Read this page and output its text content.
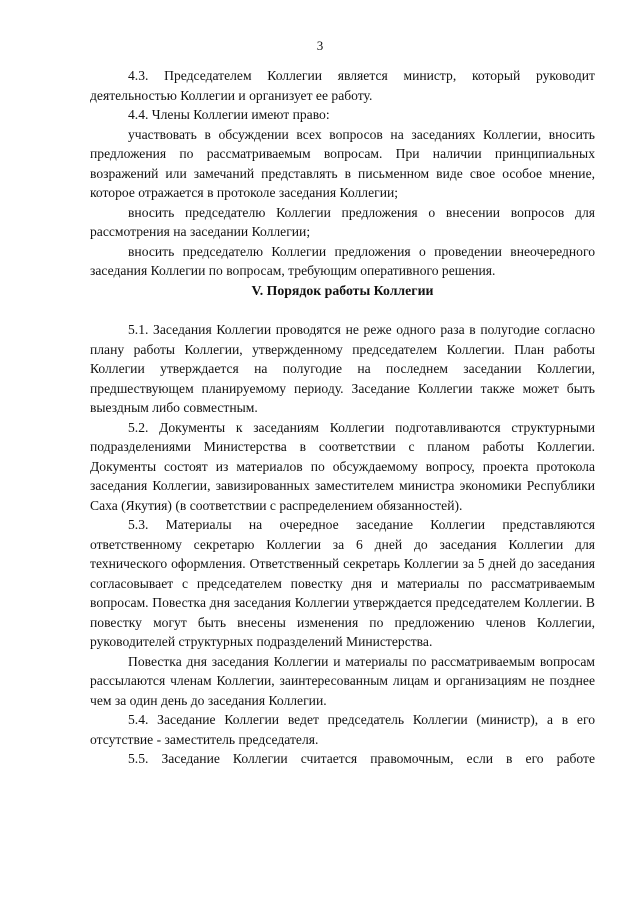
3

4.3. Председателем Коллегии является министр, который руководит деятельностью Коллегии и организует ее работу.

4.4. Члены Коллегии имеют право:

участвовать в обсуждении всех вопросов на заседаниях Коллегии, вносить предложения по рассматриваемым вопросам. При наличии принципиальных возражений или замечаний представлять в письменном виде свое особое мнение, которое отражается в протоколе заседания Коллегии;

вносить председателю Коллегии предложения о внесении вопросов для рассмотрения на заседании Коллегии;

вносить председателю Коллегии предложения о проведении внеочередного заседания Коллегии по вопросам, требующим оперативного решения.

V. Порядок работы Коллегии

5.1. Заседания Коллегии проводятся не реже одного раза в полугодие согласно плану работы Коллегии, утвержденному председателем Коллегии. План работы Коллегии утверждается на полугодие на последнем заседании Коллегии, предшествующем планируемому периоду. Заседание Коллегии также может быть выездным либо совместным.

5.2. Документы к заседаниям Коллегии подготавливаются структурными подразделениями Министерства в соответствии с планом работы Коллегии. Документы состоят из материалов по обсуждаемому вопросу, проекта протокола заседания Коллегии, завизированных заместителем министра экономики Республики Саха (Якутия) (в соответствии с распределением обязанностей).

5.3. Материалы на очередное заседание Коллегии представляются ответственному секретарю Коллегии за 6 дней до заседания Коллегии для технического оформления. Ответственный секретарь Коллегии за 5 дней до заседания согласовывает с председателем повестку дня и материалы по рассматриваемым вопросам. Повестка дня заседания Коллегии утверждается председателем Коллегии. В повестку могут быть внесены изменения по предложению членов Коллегии, руководителей структурных подразделений Министерства.

Повестка дня заседания Коллегии и материалы по рассматриваемым вопросам рассылаются членам Коллегии, заинтересованным лицам и организациям не позднее чем за один день до заседания Коллегии.

5.4. Заседание Коллегии ведет председатель Коллегии (министр), а в его отсутствие - заместитель председателя.

5.5. Заседание Коллегии считается правомочным, если в его работе
